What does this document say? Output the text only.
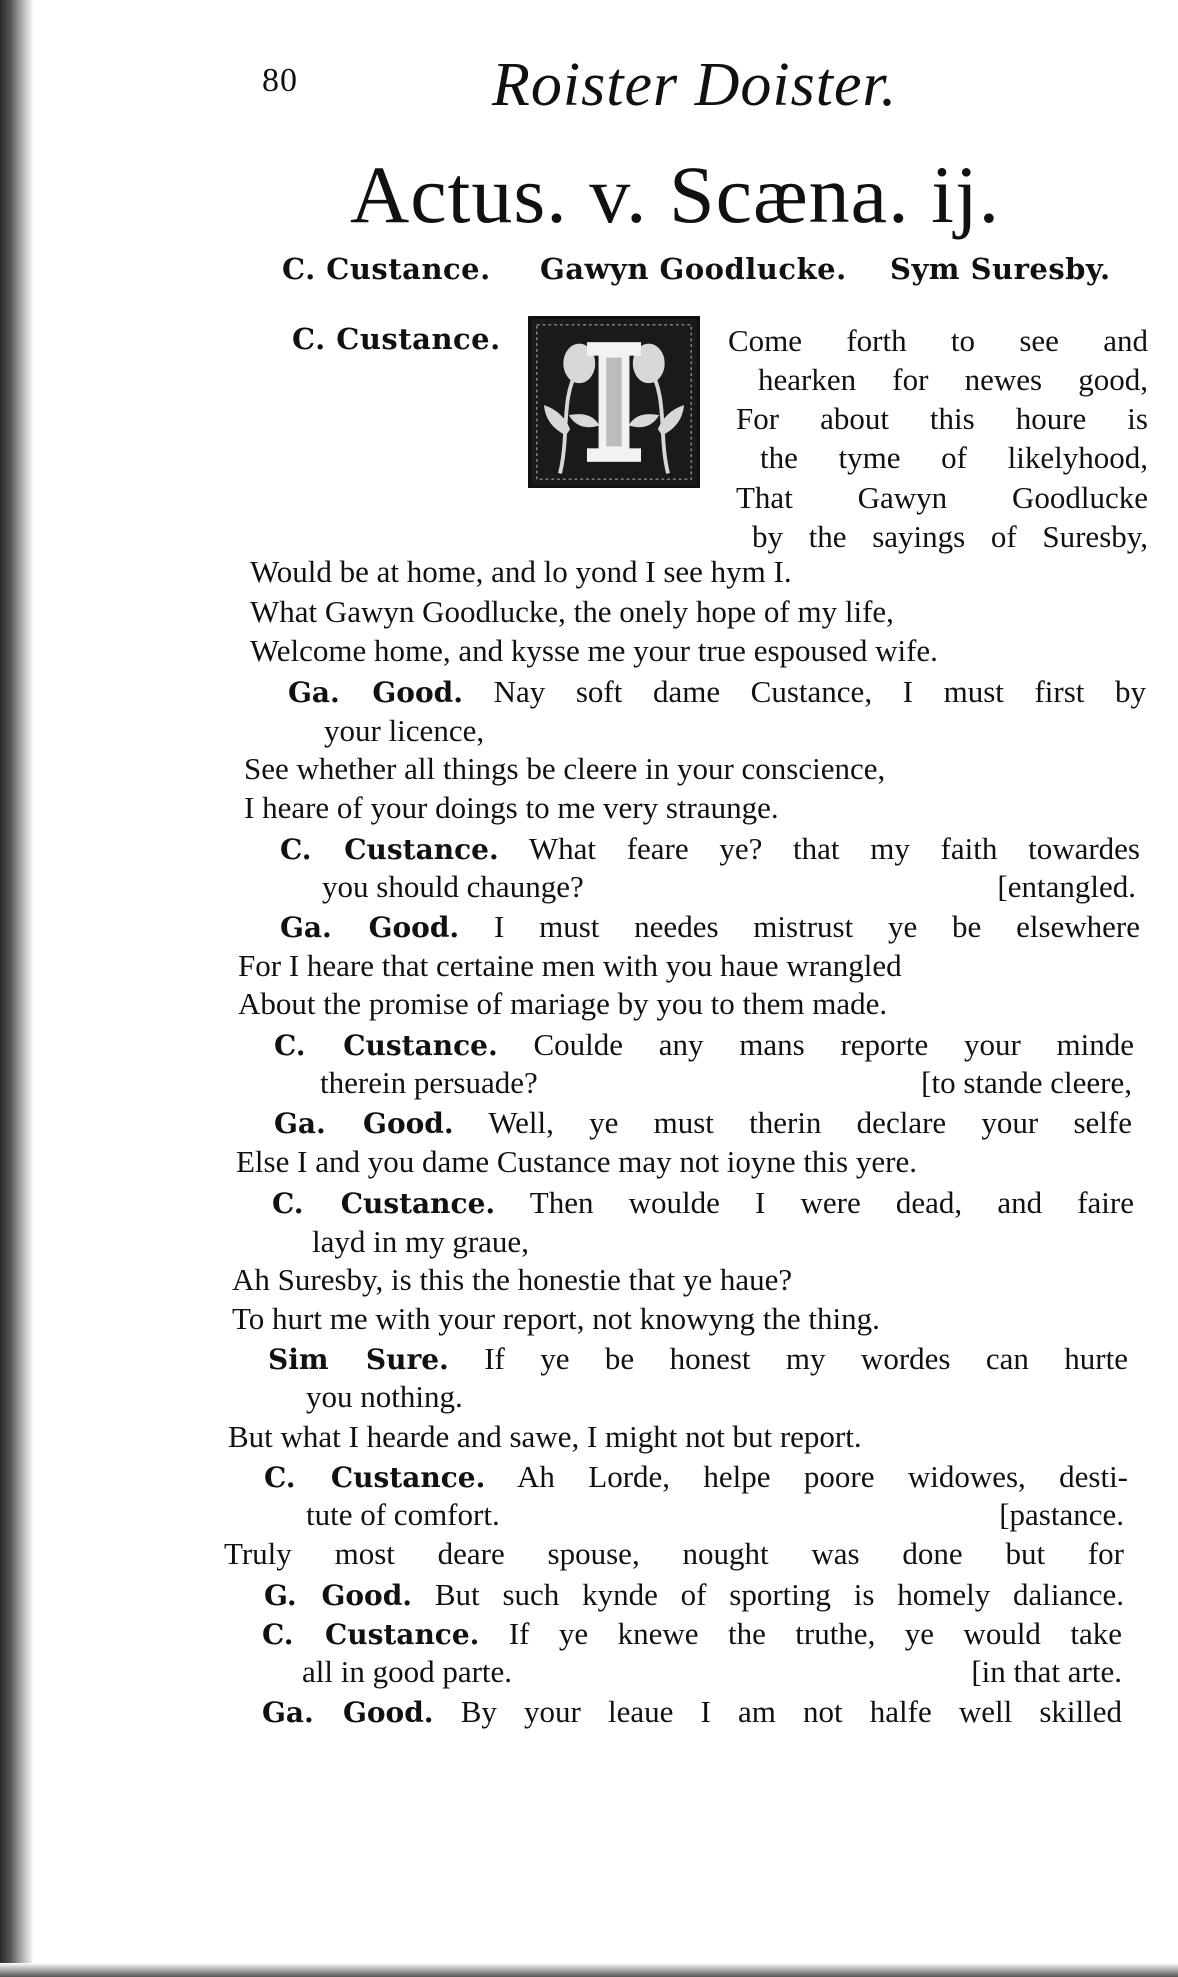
80	Roister Doister.
Actus. v. Scæna. ij.
C. Custance. Gawyn Goodlucke. Sym Suresby.
C. Custance.	Come forth to see and
hearken for newes good,
For about this houre is
the tyme of likelyhood,
That Gawyn Goodlucke
by the sayings of Suresby,
Would be at home, and lo yond I see hym I.
What Gawyn Goodlucke, the onely hope of my life,
Welcome home, and kysse me your true espoused wife.
Ga. Good. Nay soft dame Custance, I must first by
your licence,
See whether all things be cleere in your conscience,
I heare of your doings to me very straunge.
C. Custance. What feare ye? that my faith towardes
you should chaunge?	[entangled.
Ga. Good. I must needes mistrust ye be elsewhere
For I heare that certaine men with you haue wrangled
About the promise of mariage by you to them made.
C. Custance. Coulde any mans reporte your minde
therein persuade?	[to stande cleere,
Ga. Good. Well, ye must therin declare your selfe
Else I and you dame Custance may not ioyne this yere.
C. Custance. Then woulde I were dead, and faire
layd in my graue,
Ah Suresby, is this the honestie that ye haue?
To hurt me with your report, not knowyng the thing.
Sim Sure. If ye be honest my wordes can hurte
you nothing.
But what I hearde and sawe, I might not but report.
C. Custance. Ah Lorde, helpe poore widowes, desti-
tute of comfort.	[pastance.
Truly most deare spouse, nought was done but for
G. Good. But such kynde of sporting is homely daliance.
C. Custance. If ye knewe the truthe, ye would take
all in good parte.	[in that arte.
Ga. Good. By your leaue I am not halfe well skilled
